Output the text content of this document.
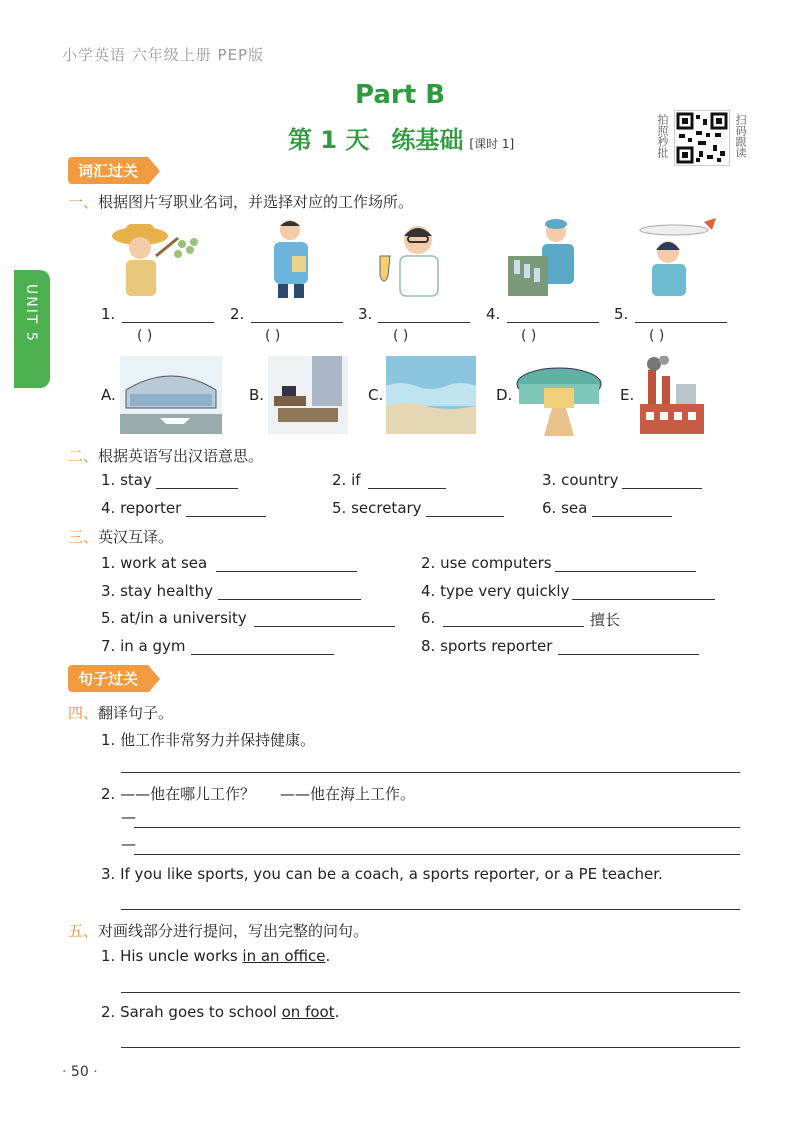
小学英语 六年级上册 PEP版
Part B
第 1 天 练基础 [课时 1]	拍照秒批	扫码跟读
UNIT 5
词汇过关
一、根据图片写职业名词，并选择对应的工作场所。
1.	2.	3.	4.	5.
( )	( )	( )	( )	( )
A.	B.	C.	D.	E.
二、根据英语写出汉语意思。
1. stay	2. if	3. country
4. reporter	5. secretary	6. sea
三、英汉互译。
1. work at sea	2. use computers
3. stay healthy	4. type very quickly
5. at/in a university	6.	擅长
7. in a gym	8. sports reporter
句子过关
四、翻译句子。
1. 他工作非常努力并保持健康。
2. ——他在哪儿工作？ ——他在海上工作。
—
—
3. If you like sports, you can be a coach, a sports reporter, or a PE teacher.
五、对画线部分进行提问，写出完整的问句。
1. His uncle works in an office.
2. Sarah goes to school on foot.
· 50 ·
